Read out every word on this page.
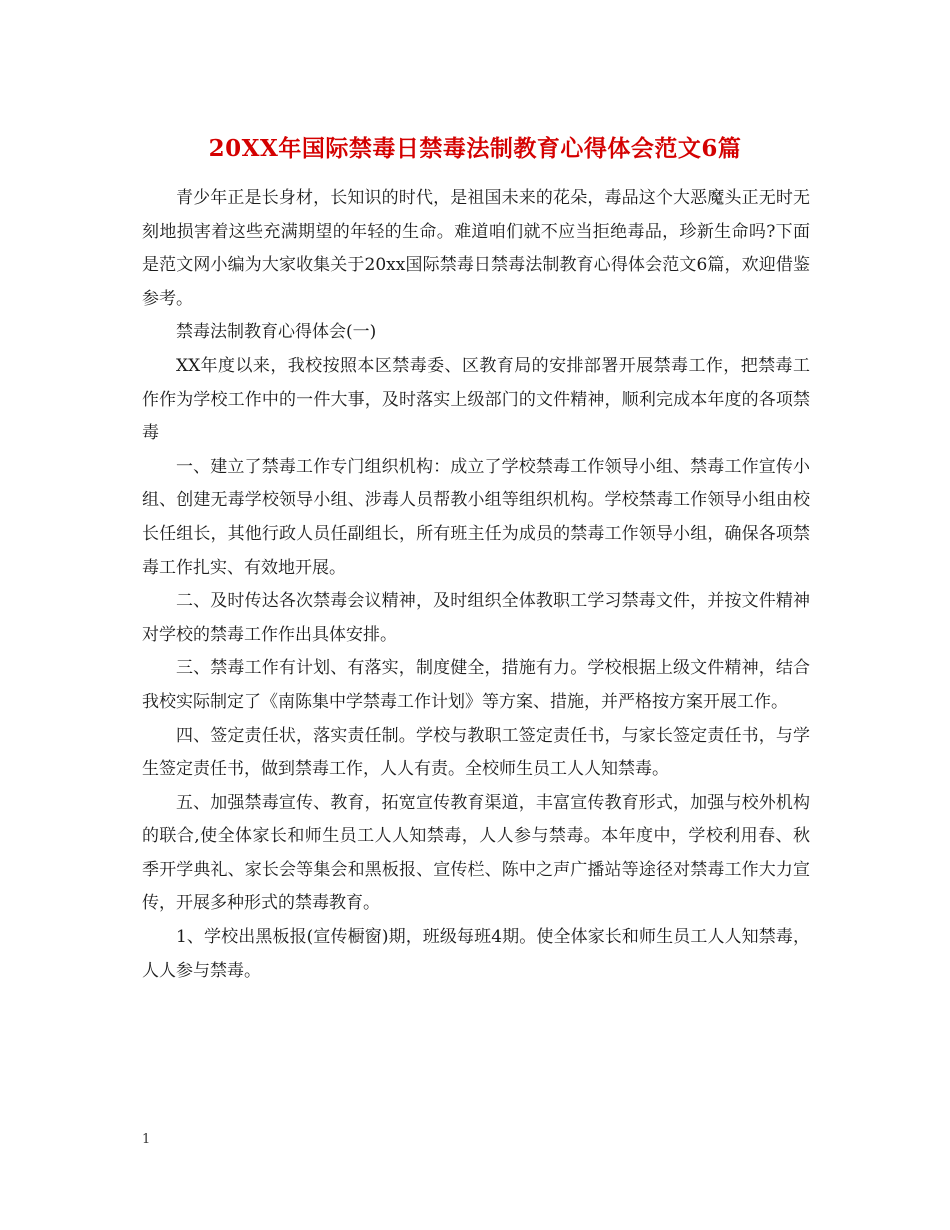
20XX年国际禁毒日禁毒法制教育心得体会范文6篇

青少年正是长身材，长知识的时代，是祖国未来的花朵，毒品这个大恶魔头正无时无刻地损害着这些充满期望的年轻的生命。难道咱们就不应当拒绝毒品，珍新生命吗?下面是范文网小编为大家收集关于20xx国际禁毒日禁毒法制教育心得体会范文6篇，欢迎借鉴参考。

禁毒法制教育心得体会(一)

XX年度以来，我校按照本区禁毒委、区教育局的安排部署开展禁毒工作，把禁毒工作作为学校工作中的一件大事，及时落实上级部门的文件精神，顺利完成本年度的各项禁毒

一、建立了禁毒工作专门组织机构：成立了学校禁毒工作领导小组、禁毒工作宣传小组、创建无毒学校领导小组、涉毒人员帮教小组等组织机构。学校禁毒工作领导小组由校长任组长，其他行政人员任副组长，所有班主任为成员的禁毒工作领导小组，确保各项禁毒工作扎实、有效地开展。

二、及时传达各次禁毒会议精神，及时组织全体教职工学习禁毒文件，并按文件精神对学校的禁毒工作作出具体安排。

三、禁毒工作有计划、有落实，制度健全，措施有力。学校根据上级文件精神，结合我校实际制定了《南陈集中学禁毒工作计划》等方案、措施，并严格按方案开展工作。

四、签定责任状，落实责任制。学校与教职工签定责任书，与家长签定责任书，与学生签定责任书，做到禁毒工作，人人有责。全校师生员工人人知禁毒。

五、加强禁毒宣传、教育，拓宽宣传教育渠道，丰富宣传教育形式，加强与校外机构的联合,使全体家长和师生员工人人知禁毒，人人参与禁毒。本年度中，学校利用春、秋季开学典礼、家长会等集会和黑板报、宣传栏、陈中之声广播站等途径对禁毒工作大力宣传，开展多种形式的禁毒教育。

1、学校出黑板报(宣传橱窗)期，班级每班4期。使全体家长和师生员工人人知禁毒，人人参与禁毒。

1
